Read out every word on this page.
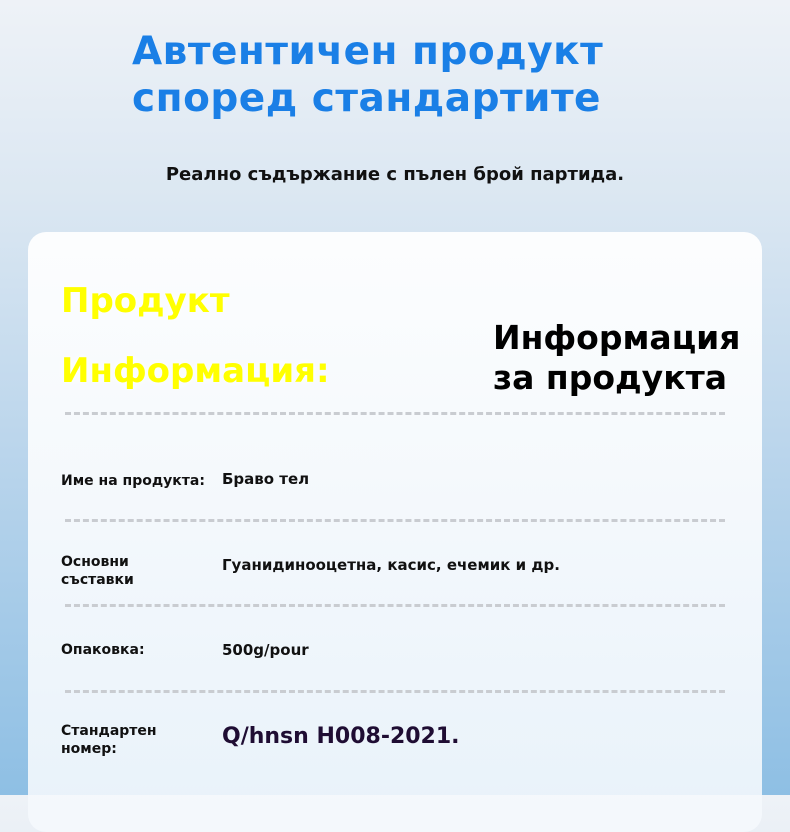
Автентичен продукт
според стандартите
Реално съдържание с пълен брой партида.
Продукт
Информация:
Информация
за продукта
Име на продукта: Браво тел
Основни
съставки
Гуанидинооцетна, касис, ечемик и др.
Опаковка:	500g/pour
Стандартен
номер:	Q/hnsn H008-2021.
